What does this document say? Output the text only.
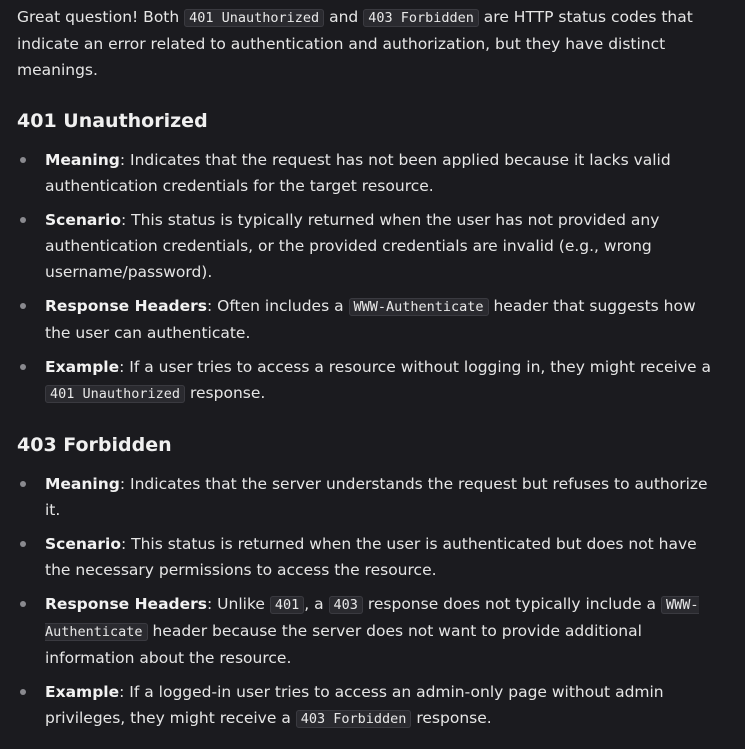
Great question! Both 401 Unauthorized and 403 Forbidden are HTTP status codes that indicate an error related to authentication and authorization, but they have distinct meanings.

401 Unauthorized
Meaning: Indicates that the request has not been applied because it lacks valid authentication credentials for the target resource.
Scenario: This status is typically returned when the user has not provided any authentication credentials, or the provided credentials are invalid (e.g., wrong username/password).
Response Headers: Often includes a WWW-Authenticate header that suggests how the user can authenticate.
Example: If a user tries to access a resource without logging in, they might receive a 401 Unauthorized response.
403 Forbidden
Meaning: Indicates that the server understands the request but refuses to authorize it.
Scenario: This status is returned when the user is authenticated but does not have the necessary permissions to access the resource.
Response Headers: Unlike 401 , a 403 response does not typically include a WWW-Authenticate header because the server does not want to provide additional information about the resource.
Example: If a logged-in user tries to access an admin-only page without admin privileges, they might receive a 403 Forbidden response.
